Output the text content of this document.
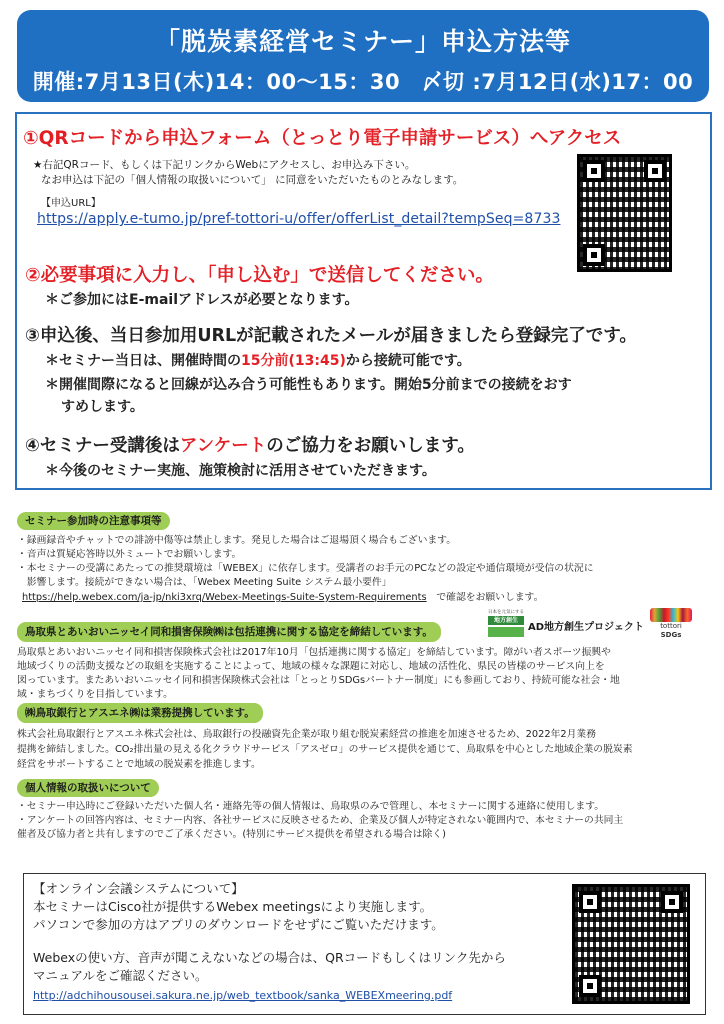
「脱炭素経営セミナー」申込方法等
開催:7月13日(木)14：00～15：30　〆切 :7月12日(水)17：00
①QRコードから申込フォーム（とっとり電子申請サービス）へアクセス
★右記QRコード、もしくは下記リンクからWebにアクセスし、お申込み下さい。
なお申込は下記の「個人情報の取扱いについて」 に同意をいただいたものとみなします。
【申込URL】
https://apply.e-tumo.jp/pref-tottori-u/offer/offerList_detail?tempSeq=8733
②必要事項に入力し、「申し込む」で送信してください。
＊ご参加にはE-mailアドレスが必要となります。
③申込後、当日参加用URLが記載されたメールが届きましたら登録完了です。
＊セミナー当日は、開催時間の15分前(13:45)から接続可能です。
＊開催間際になると回線が込み合う可能性もあります。開始5分前までの接続をおす
すめします。
④セミナー受講後はアンケートのご協力をお願いします。
＊今後のセミナー実施、施策検討に活用させていただきます。
セミナー参加時の注意事項等
・録画録音やチャットでの誹謗中傷等は禁止します。発見した場合はご退場頂く場合もございます。
・音声は質疑応答時以外ミュートでお願いします。
・本セミナーの受講にあたっての推奨環境は「WEBEX」に依存します。受講者のお手元のPCなどの設定や通信環境が受信の状況に
　影響します。接続ができない場合は、「Webex Meeting Suite システム最小要件」
https://help.webex.com/ja-jp/nki3xrq/Webex-Meetings-Suite-System-Requirements　で確認をお願いします。
鳥取県とあいおいニッセイ同和損害保険㈱は包括連携に関する協定を締結しています。
鳥取県とあいおいニッセイ同和損害保険株式会社は2017年10月「包括連携に関する協定」を締結しています。障がい者スポーツ振興や
地域づくりの活動支援などの取組を実施することによって、地域の様々な課題に対応し、地域の活性化、県民の皆様のサービス向上を
図っています。またあいおいニッセイ同和損害保険株式会社は「とっとりSDGsパートナー制度」にも参画しており、持続可能な社会・地
域・まちづくりを目指しています。
日本を元気にする
地方創生
AD地方創生プロジェクト	tottori
SDGs
㈱鳥取銀行とアスエネ㈱は業務提携しています。
株式会社鳥取銀行とアスエネ株式会社は、鳥取銀行の投融資先企業が取り組む脱炭素経営の推進を加速させるため、2022年2月業務
提携を締結しました。CO₂排出量の見える化クラウドサービス「アスゼロ」のサービス提供を通じて、鳥取県を中心とした地域企業の脱炭素
経営をサポートすることで地域の脱炭素を推進します。
個人情報の取扱いについて
・セミナー申込時にご登録いただいた個人名・連絡先等の個人情報は、鳥取県のみで管理し、本セミナーに関する連絡に使用します。
・アンケートの回答内容は、セミナー内容、各社サービスに反映させるため、企業及び個人が特定されない範囲内で、本セミナーの共同主
催者及び協力者と共有しますのでご了承ください。(特別にサービス提供を希望される場合は除く)
【オンライン会議システムについて】
本セミナーはCisco社が提供するWebex meetingsにより実施します。
パソコンで参加の方はアプリのダウンロードをせずにご覧いただけます。
Webexの使い方、音声が聞こえないなどの場合は、QRコードもしくはリンク先から
マニュアルをご確認ください。
http://adchihousousei.sakura.ne.jp/web_textbook/sanka_WEBEXmeering.pdf
